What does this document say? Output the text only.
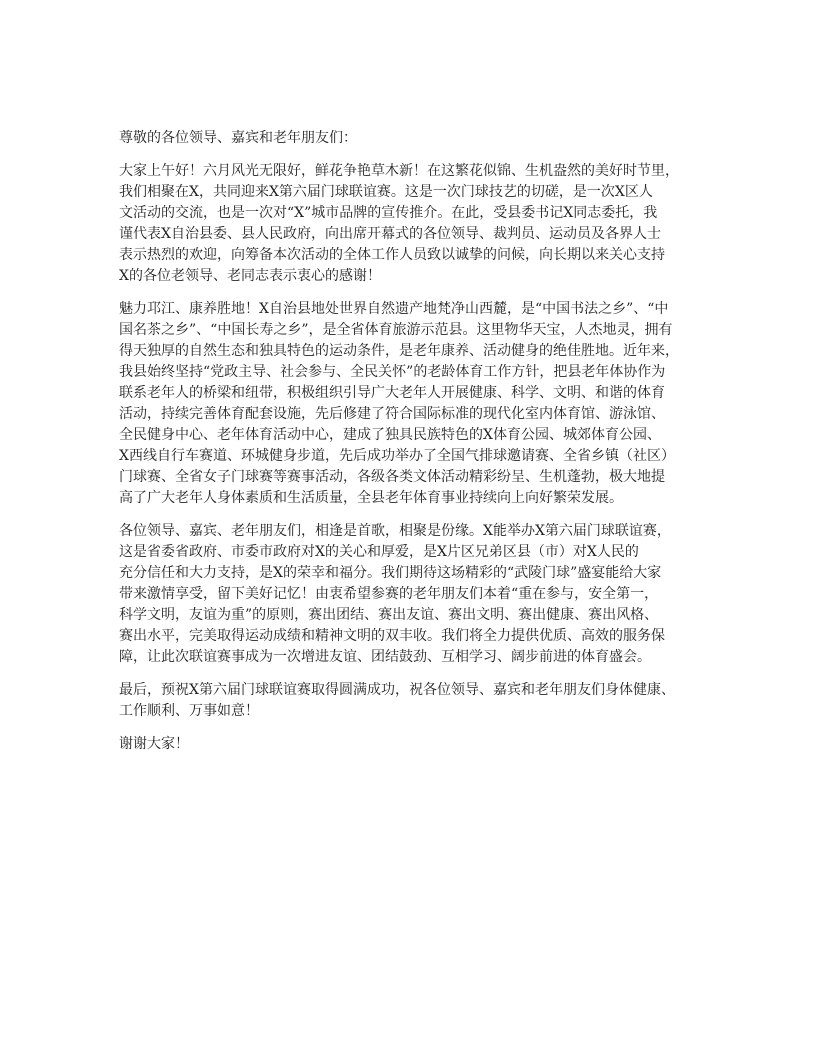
尊敬的各位领导、嘉宾和老年朋友们：

大家上午好！六月风光无限好，鲜花争艳草木新！在这繁花似锦、生机盎然的美好时节里，
我们相聚在X，共同迎来X第六届门球联谊赛。这是一次门球技艺的切磋，是一次X区人
文活动的交流，也是一次对“X”城市品牌的宣传推介。在此，受县委书记X同志委托，我
谨代表X自治县委、县人民政府，向出席开幕式的各位领导、裁判员、运动员及各界人士
表示热烈的欢迎，向筹备本次活动的全体工作人员致以诚挚的问候，向长期以来关心支持
X的各位老领导、老同志表示衷心的感谢！

魅力邛江、康养胜地！X自治县地处世界自然遗产地梵净山西麓，是“中国书法之乡”、“中
国名茶之乡”、“中国长寿之乡”，是全省体育旅游示范县。这里物华天宝，人杰地灵，拥有
得天独厚的自然生态和独具特色的运动条件，是老年康养、活动健身的绝佳胜地。近年来，
我县始终坚持“党政主导、社会参与、全民关怀”的老龄体育工作方针，把县老年体协作为
联系老年人的桥梁和纽带，积极组织引导广大老年人开展健康、科学、文明、和谐的体育
活动，持续完善体育配套设施，先后修建了符合国际标准的现代化室内体育馆、游泳馆、
全民健身中心、老年体育活动中心，建成了独具民族特色的X体育公园、城郊体育公园、
X西线自行车赛道、环城健身步道，先后成功举办了全国气排球邀请赛、全省乡镇（社区）
门球赛、全省女子门球赛等赛事活动，各级各类文体活动精彩纷呈、生机蓬勃，极大地提
高了广大老年人身体素质和生活质量，全县老年体育事业持续向上向好繁荣发展。

各位领导、嘉宾、老年朋友们，相逢是首歌，相聚是份缘。X能举办X第六届门球联谊赛，
这是省委省政府、市委市政府对X的关心和厚爱，是X片区兄弟区县（市）对X人民的
充分信任和大力支持，是X的荣幸和福分。我们期待这场精彩的“武陵门球”盛宴能给大家
带来激情享受，留下美好记忆！由衷希望参赛的老年朋友们本着“重在参与，安全第一，
科学文明，友谊为重”的原则，赛出团结、赛出友谊、赛出文明、赛出健康、赛出风格、
赛出水平，完美取得运动成绩和精神文明的双丰收。我们将全力提供优质、高效的服务保
障，让此次联谊赛事成为一次增进友谊、团结鼓劲、互相学习、阔步前进的体育盛会。

最后，预祝X第六届门球联谊赛取得圆满成功，祝各位领导、嘉宾和老年朋友们身体健康、
工作顺利、万事如意！

谢谢大家！
